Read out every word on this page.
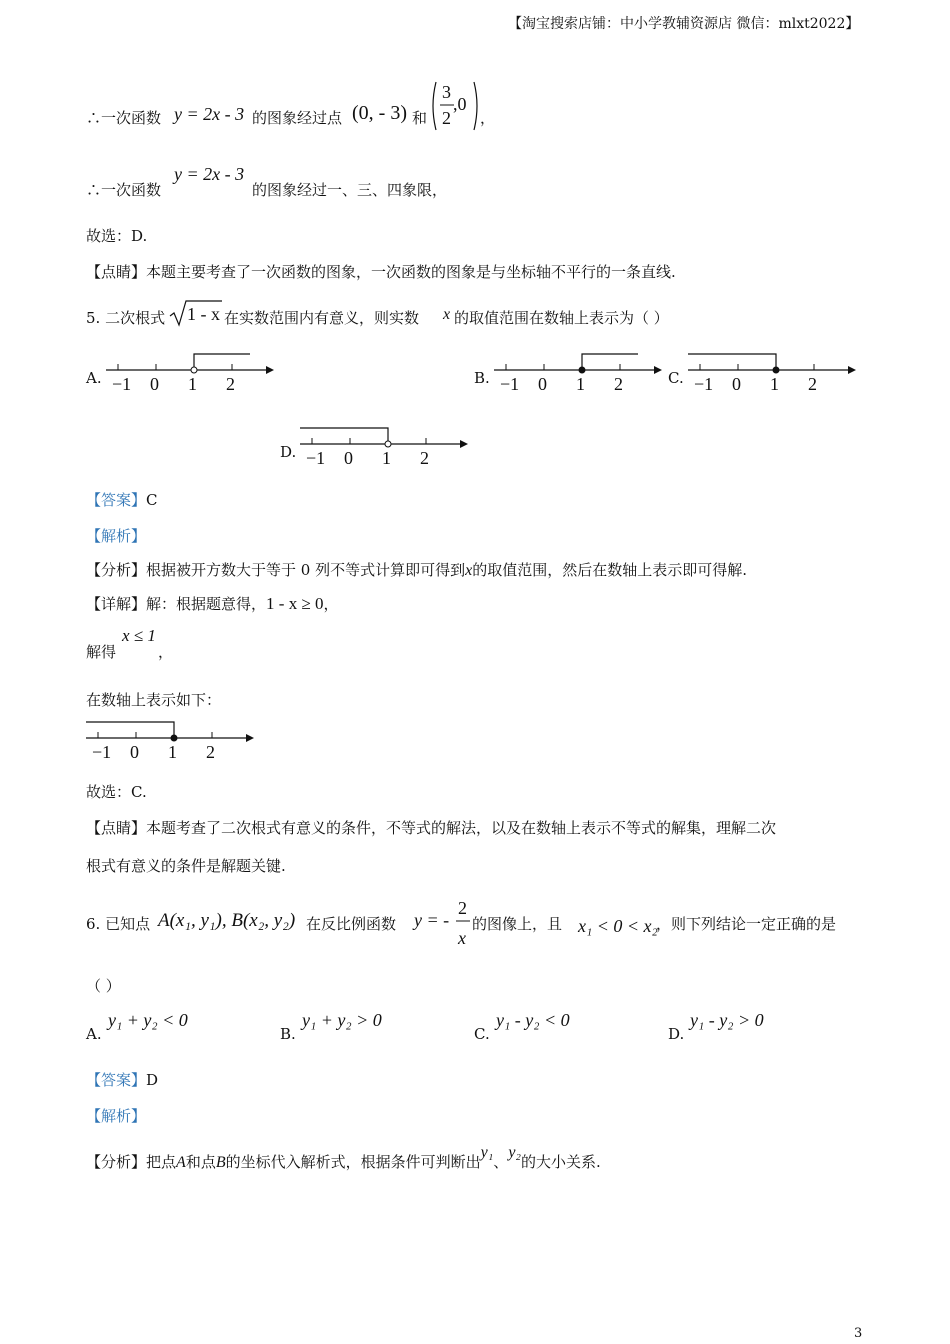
【淘宝搜索店铺：中小学教辅资源店 微信：mlxt2022】
∴一次函数 y = 2x - 3 的图象经过点 (0, - 3) 和
3
2
,0
，
∴一次函数
y = 2x - 3
的图象经过一、三、四象限，
故选：D.
【点睛】本题主要考查了一次函数的图象，一次函数的图象是与坐标轴不平行的一条直线.
5. 二次根式 1 - x 在实数范围内有意义，则实数 x 的取值范围在数轴上表示为（ ）
A. −1 0 1 2	B. −1 0 1 2	C. −1 0 1 2
D. −1 0 1 2
【答案】C
【解析】
【分析】根据被开方数大于等于 0 列不等式计算即可得到x的取值范围，然后在数轴上表示即可得解.
【详解】解：根据题意得，1 - x ≥ 0，
解得
x ≤ 1
，
在数轴上表示如下：
−1 0 1 2
故选：C.
【点睛】本题考查了二次根式有意义的条件，不等式的解法，以及在数轴上表示不等式的解集，理解二次
根式有意义的条件是解题关键.
6. 已知点 A(x₁, y₁), B(x₂, y₂) 在反比例函数 y = -
2
x
的图像上，且 x₁ < 0 < x₂
，则下列结论一定正确的是
（ ）
A.
y₁ + y₂ < 0
B.
y₁ + y₂ > 0
C.
y₁ - y₂ < 0
D.
y₁ - y₂ > 0
【答案】D
【解析】
【分析】把点A和点B的坐标代入解析式，根据条件可判断出y₁、y₂的大小关系.
3
